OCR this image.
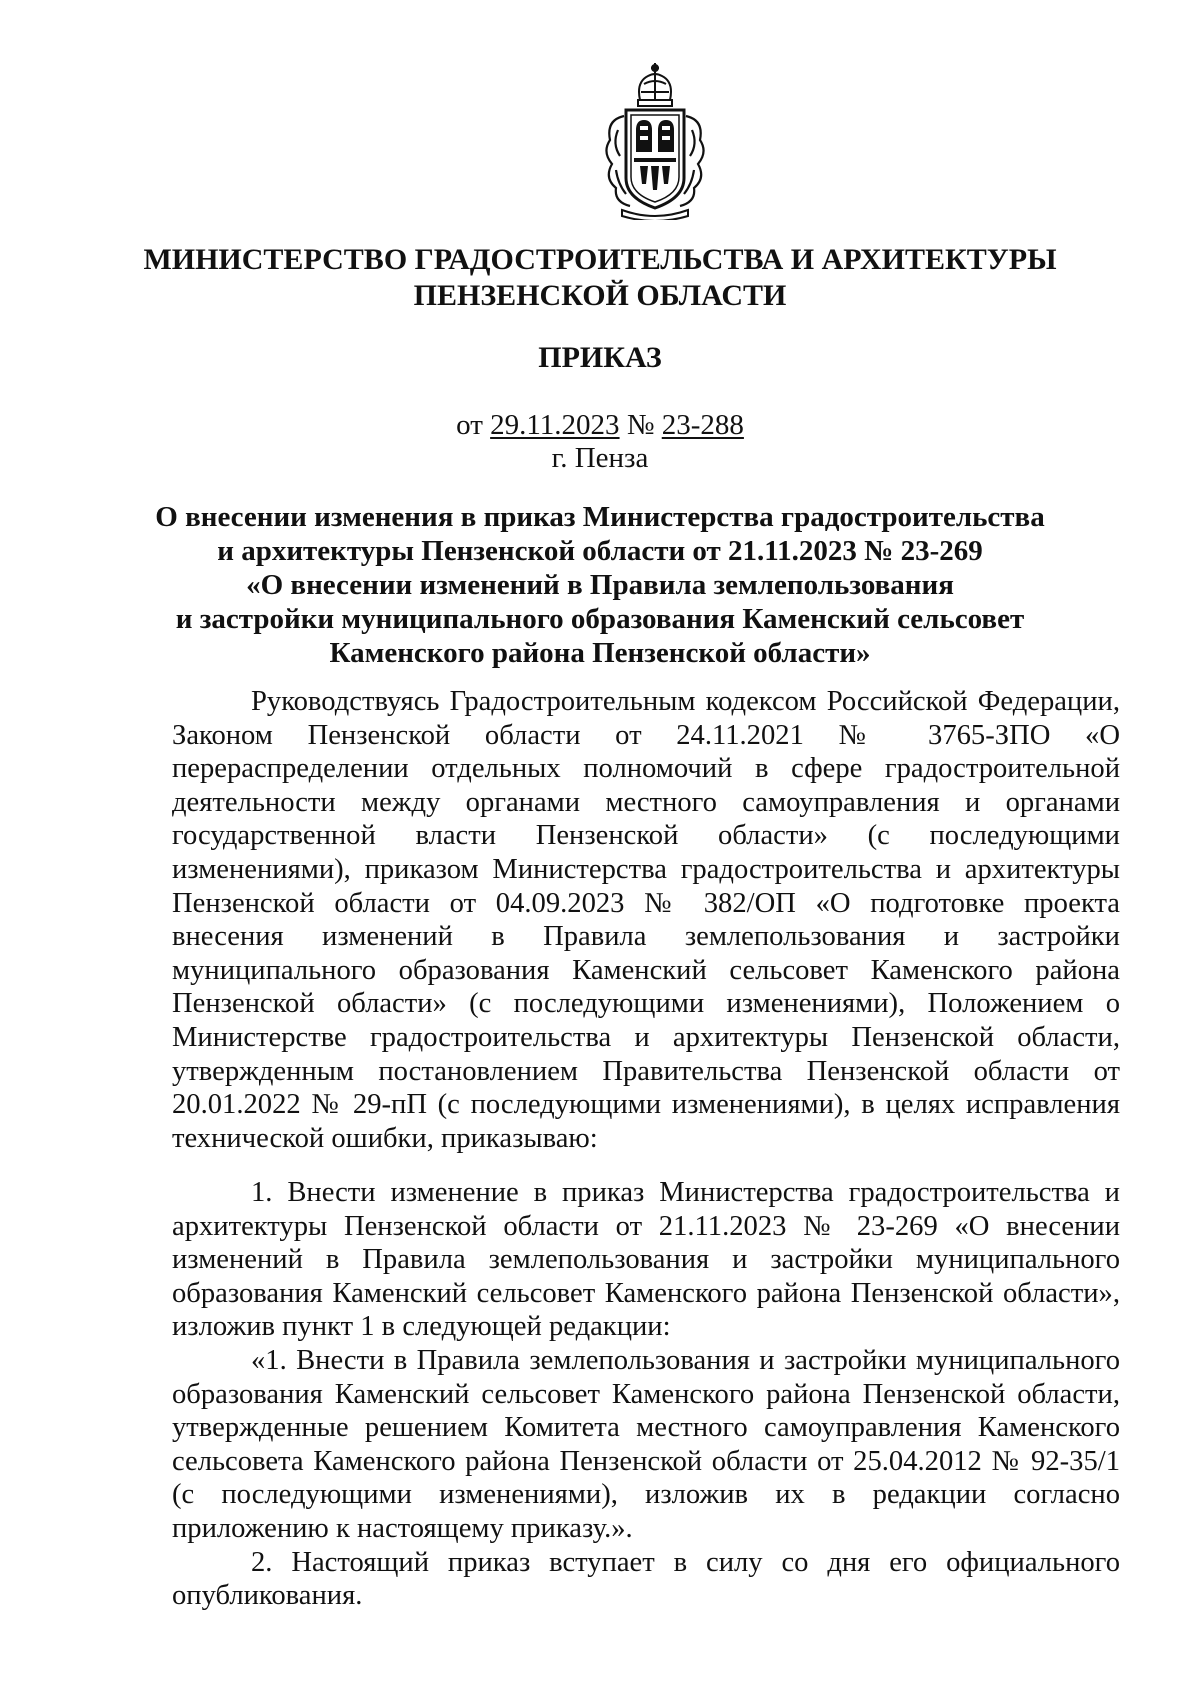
МИНИСТЕРСТВО ГРАДОСТРОИТЕЛЬСТВА И АРХИТЕКТУРЫ
ПЕНЗЕНСКОЙ ОБЛАСТИ
ПРИКАЗ
от 29.11.2023 № 23-288
г. Пенза
О внесении изменения в приказ Министерства градостроительства
и архитектуры Пензенской области от 21.11.2023 № 23-269
«О внесении изменений в Правила землепользования
и застройки муниципального образования Каменский сельсовет
Каменского района Пензенской области»

Руководствуясь Градостроительным кодексом Российской Федерации, Законом Пензенской области от 24.11.2021 № 3765-ЗПО «О перераспределении отдельных полномочий в сфере градостроительной деятельности между органами местного самоуправления и органами государственной власти Пензенской области» (с последующими изменениями), приказом Министерства градостроительства и архитектуры Пензенской области от 04.09.2023 № 382/ОП «О подготовке проекта внесения изменений в Правила землепользования и застройки муниципального образования Каменский сельсовет Каменского района Пензенской области» (с последующими изменениями), Положением о Министерстве градостроительства и архитектуры Пензенской области, утвержденным постановлением Правительства Пензенской области от 20.01.2022 № 29-пП (с последующими изменениями), в целях исправления технической ошибки, приказываю:

1. Внести изменение в приказ Министерства градостроительства и архитектуры Пензенской области от 21.11.2023 № 23-269 «О внесении изменений в Правила землепользования и застройки муниципального образования Каменский сельсовет Каменского района Пензенской области», изложив пункт 1 в следующей редакции:

«1. Внести в Правила землепользования и застройки муниципального образования Каменский сельсовет Каменского района Пензенской области, утвержденные решением Комитета местного самоуправления Каменского сельсовета Каменского района Пензенской области от 25.04.2012 № 92-35/1 (с последующими изменениями), изложив их в редакции согласно приложению к настоящему приказу.».

2. Настоящий приказ вступает в силу со дня его официального опубликования.
